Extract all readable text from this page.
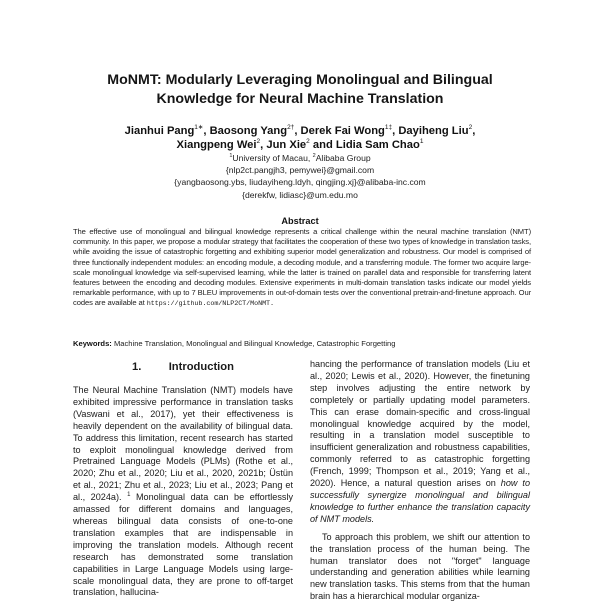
MoNMT: Modularly Leveraging Monolingual and Bilingual
Knowledge for Neural Machine Translation
Jianhui Pang$^{1∗}$, Baosong Yang$^{2\dagger}$, Derek Fai Wong$^{1\ddagger}$, Dayiheng Liu$^2$,
Xiangpeng Wei$^2$, Jun Xie$^2$ and Lidia Sam Chao$^1$
$^1$University of Macau, $^2$Alibaba Group
{nlp2ct.pangjh3, pemywei}@gmail.com
{yangbaosong.ybs, liudayiheng.ldyh, qingjing.xj}@alibaba-inc.com
{derekfw, lidiasc}@um.edu.mo
Abstract
The effective use of monolingual and bilingual knowledge represents a critical challenge within the neural machine translation (NMT) community. In this paper, we propose a modular strategy that facilitates the cooperation of these two types of knowledge in translation tasks, while avoiding the issue of catastrophic forgetting and exhibiting superior model generalization and robustness. Our model is comprised of three functionally independent modules: an encoding module, a decoding module, and a transferring module. The former two acquire large-scale monolingual knowledge via self-supervised learning, while the latter is trained on parallel data and responsible for transferring latent features between the encoding and decoding modules. Extensive experiments in multi-domain translation tasks indicate our model yields remarkable performance, with up to 7 BLEU improvements in out-of-domain tests over the conventional pretrain-and-finetune approach. Our codes are available at https://github.com/NLP2CT/MoNMT.
Keywords: Machine Translation, Monolingual and Bilingual Knowledge, Catastrophic Forgetting
1.   Introduction

The Neural Machine Translation (NMT) models have exhibited impressive performance in translation tasks (Vaswani et al., 2017), yet their effectiveness is heavily dependent on the availability of bilingual data. To address this limitation, recent research has started to exploit monolingual knowledge derived from Pretrained Language Models (PLMs) (Rothe et al., 2020; Zhu et al., 2020; Liu et al., 2020, 2021b; Üstün et al., 2021; Zhu et al., 2023; Liu et al., 2023; Pang et al., 2024a). $^1$ Monolingual data can be effortlessly amassed for different domains and languages, whereas bilingual data consists of one-to-one translation examples that are indispensable in improving the translation models. Although recent research has demonstrated some translation capabilities in Large Language Models using large-scale monolingual data, they are prone to off-target translation, hallucina-

hancing the performance of translation models (Liu et al., 2020; Lewis et al., 2020). However, the finetuning step involves adjusting the entire network by completely or partially updating model parameters. This can erase domain-specific and cross-lingual monolingual knowledge acquired by the model, resulting in a translation model susceptible to insufficient generalization and robustness capabilities, commonly referred to as catastrophic forgetting (French, 1999; Thompson et al., 2019; Yang et al., 2020). Hence, a natural question arises on how to successfully synergize monolingual and bilingual knowledge to further enhance the translation capacity of NMT models.

To approach this problem, we shift our attention to the translation process of the human being. The human translator does not "forget" language understanding and generation abilities while learning new translation tasks. This stems from that the human brain has a hierarchical modular organiza-
